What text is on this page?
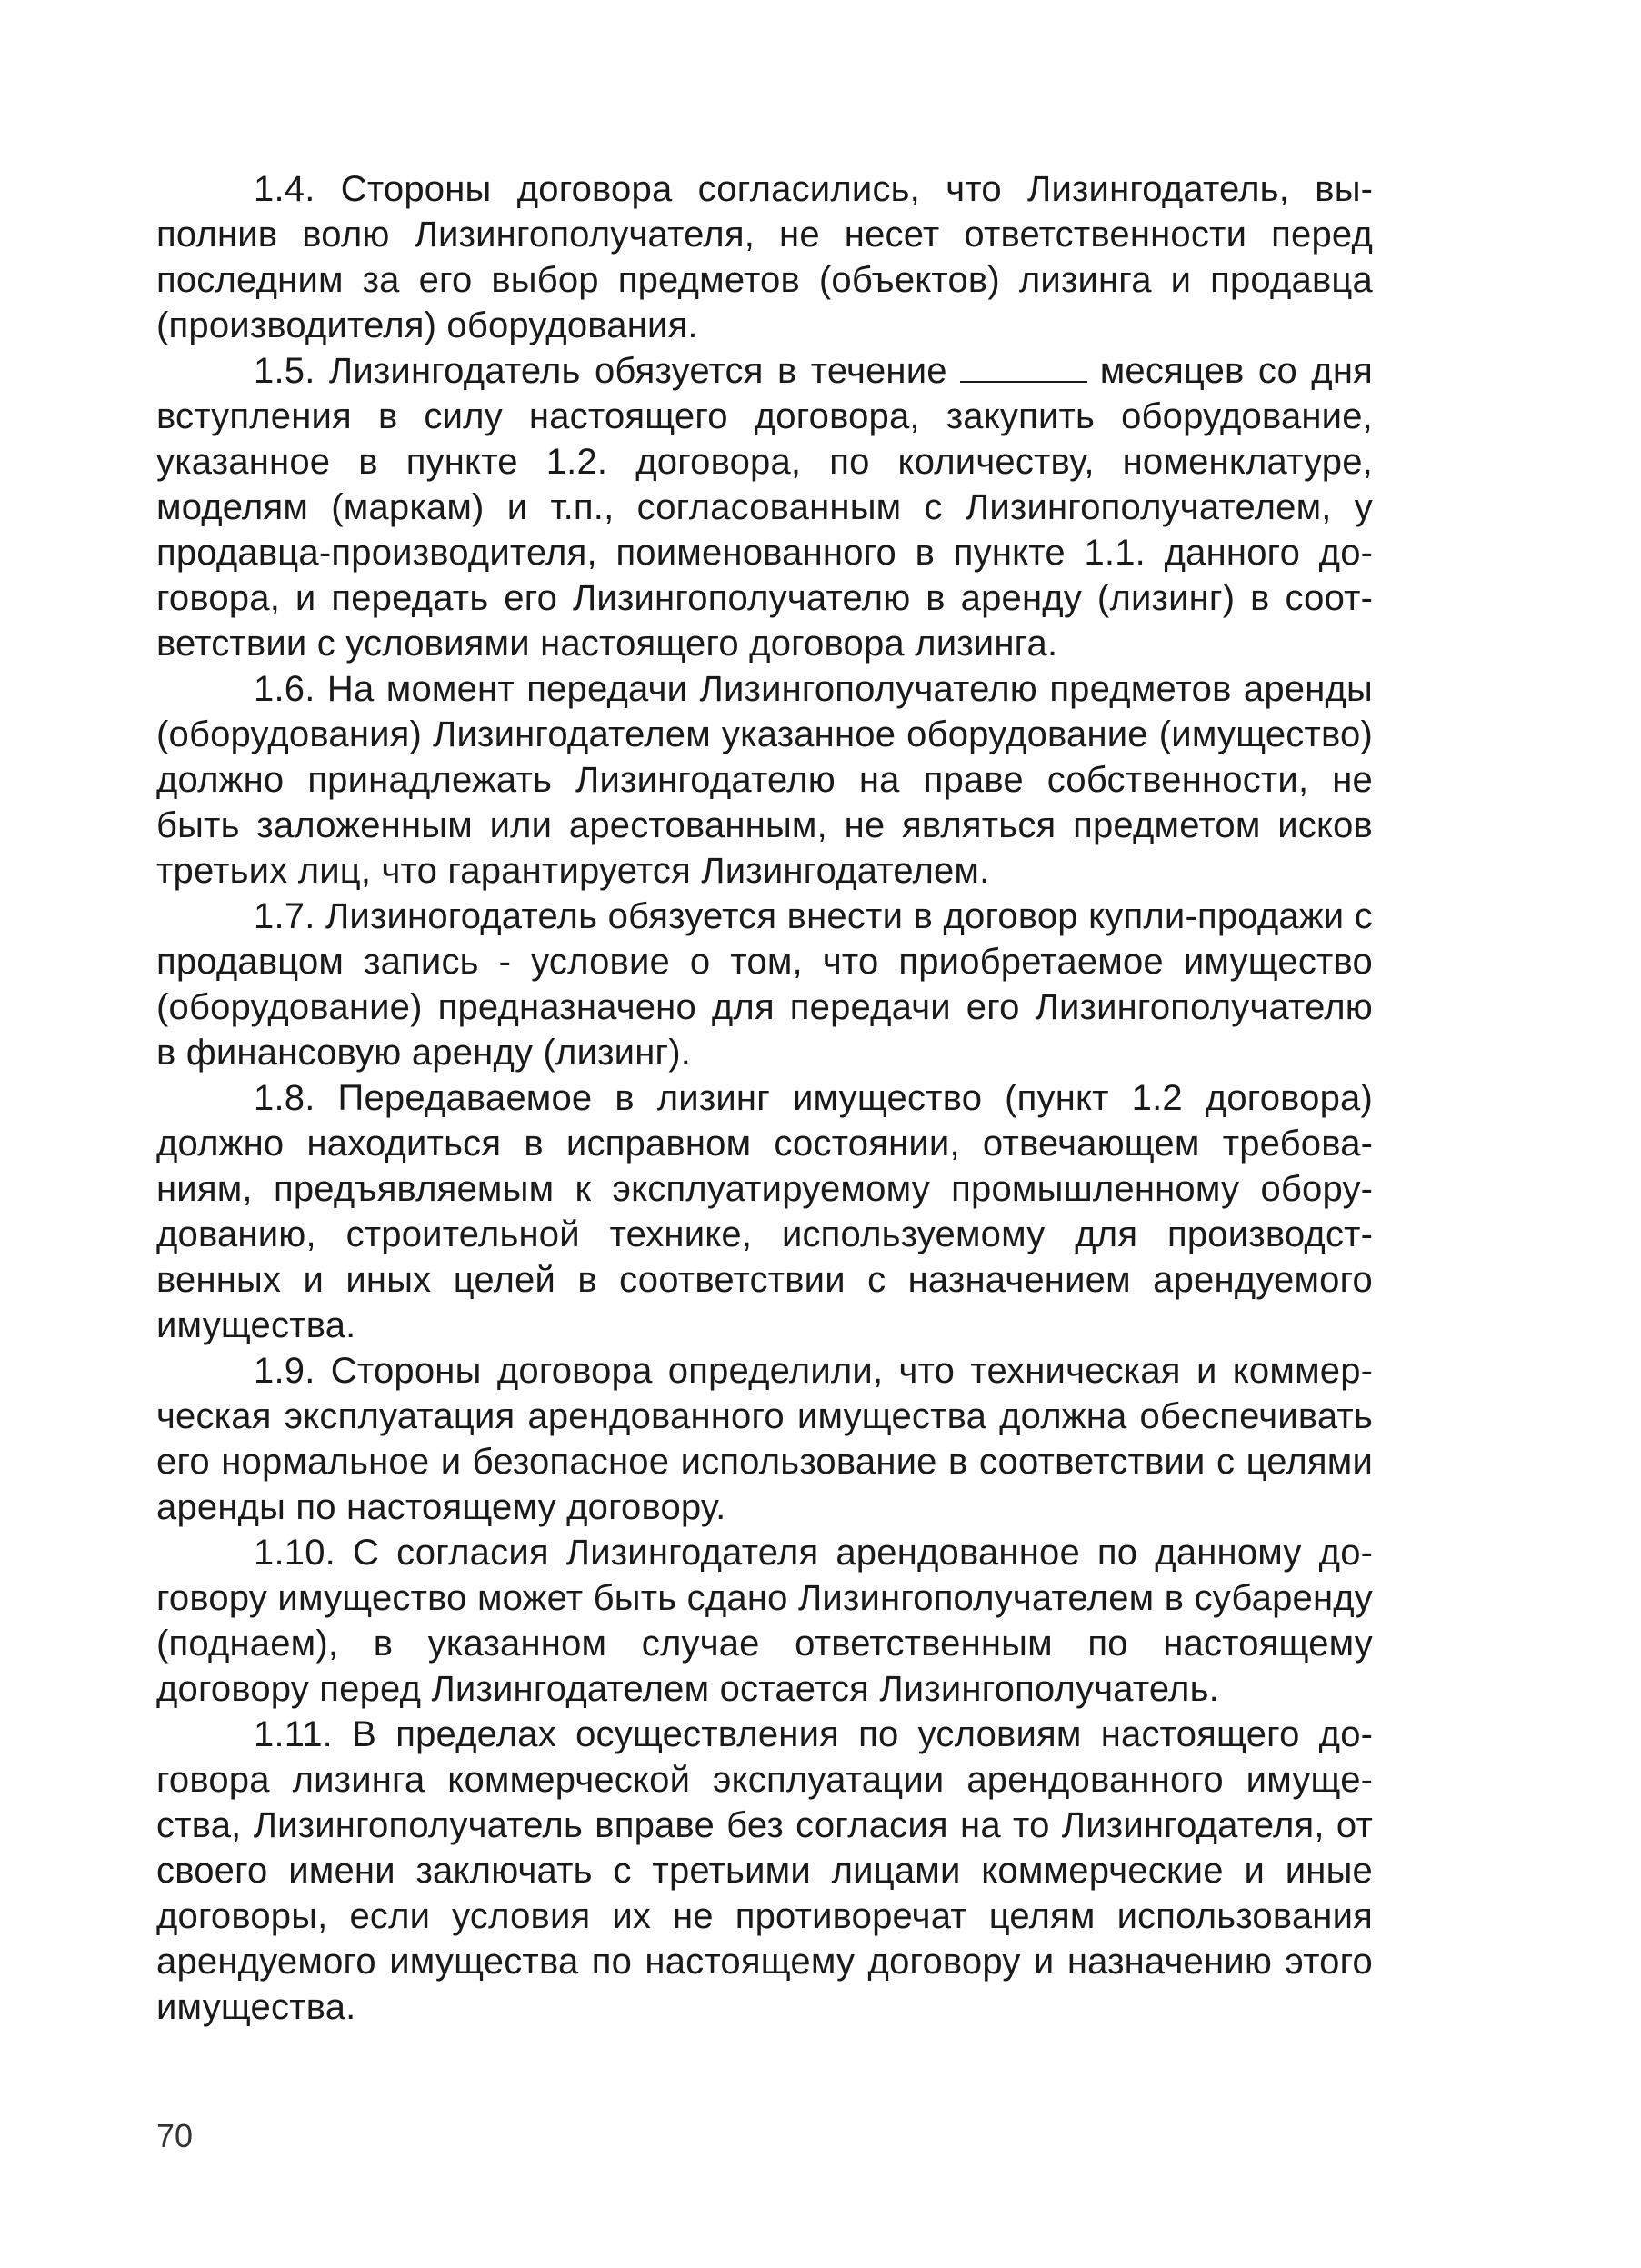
1.4. Стороны договора согласились, что Лизингодатель, выполнив волю Лизингополучателя, не несет ответственности перед последним за его выбор предметов (объектов) лизинга и продавца (производителя) оборудования.

1.5. Лизингодатель обязуется в течение	месяцев со дня вступления в силу настоящего договора, закупить оборудование, указанное в пункте 1.2. договора, по количеству, номенклатуре, моделям (маркам) и т.п., согласованным с Лизингополучателем, у продавца-производителя, поименованного в пункте 1.1. данного договора, и передать его Лизингополучателю в аренду (лизинг) в соответствии с условиями настоящего договора лизинга.

1.6. На момент передачи Лизингополучателю предметов аренды (оборудования) Лизингодателем указанное оборудование (имущество) должно принадлежать Лизингодателю на праве собственности, не быть заложенным или арестованным, не являться предметом исков третьих лиц, что гарантируется Лизингодателем.

1.7. Лизиногодатель обязуется внести в договор купли-продажи с продавцом запись - условие о том, что приобретаемое имущество (оборудование) предназначено для передачи его Лизингополучателю в финансовую аренду (лизинг).

1.8. Передаваемое в лизинг имущество (пункт 1.2 договора) должно находиться в исправном состоянии, отвечающем требованиям, предъявляемым к эксплуатируемому промышленному оборудованию, строительной технике, используемому для производственных и иных целей в соответствии с назначением арендуемого имущества.

1.9. Стороны договора определили, что техническая и коммерческая эксплуатация арендованного имущества должна обеспечивать его нормальное и безопасное использование в соответствии с целями аренды по настоящему договору.

1.10. С согласия Лизингодателя арендованное по данному договору имущество может быть сдано Лизингополучателем в субаренду (поднаем), в указанном случае ответственным по настоящему договору перед Лизингодателем остается Лизингополучатель.

1.11. В пределах осуществления по условиям настоящего договора лизинга коммерческой эксплуатации арендованного имущества, Лизингополучатель вправе без согласия на то Лизингодателя, от своего имени заключать с третьими лицами коммерческие и иные договоры, если условия их не противоречат целям использования арендуемого имущества по настоящему договору и назначению этого имущества.

70
